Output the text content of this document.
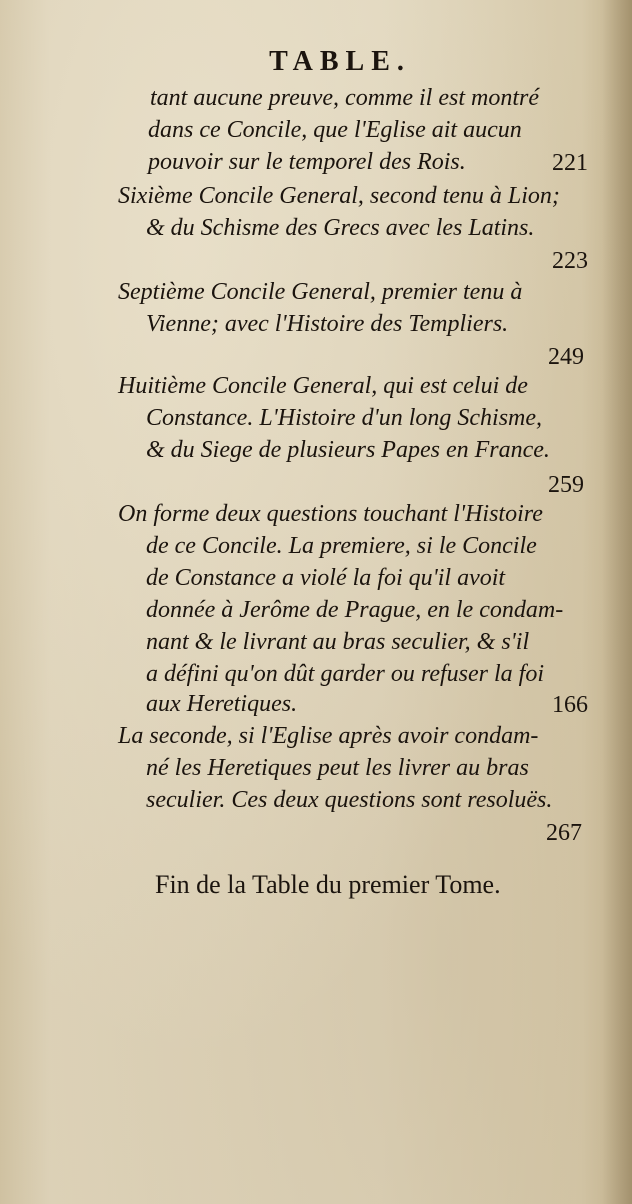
TABLE.
tant aucune preuve, comme il est montré
dans ce Concile, que l'Eglise ait aucun
pouvoir sur le temporel des Rois.	221
Sixième Concile General, second tenu à Lion;
& du Schisme des Grecs avec les Latins.
223
Septième Concile General, premier tenu à
Vienne; avec l'Histoire des Templiers.
249
Huitième Concile General, qui est celui de
Constance. L'Histoire d'un long Schisme,
& du Siege de plusieurs Papes en France.
259
On forme deux questions touchant l'Histoire
de ce Concile. La premiere, si le Concile
de Constance a violé la foi qu'il avoit
donnée à Jerôme de Prague, en le condam-
nant & le livrant au bras seculier, & s'il
a défini qu'on dût garder ou refuser la foi
aux Heretiques.	166
La seconde, si l'Eglise après avoir condam-
né les Heretiques peut les livrer au bras
seculier. Ces deux questions sont resoluës.
267
Fin de la Table du premier Tome.
